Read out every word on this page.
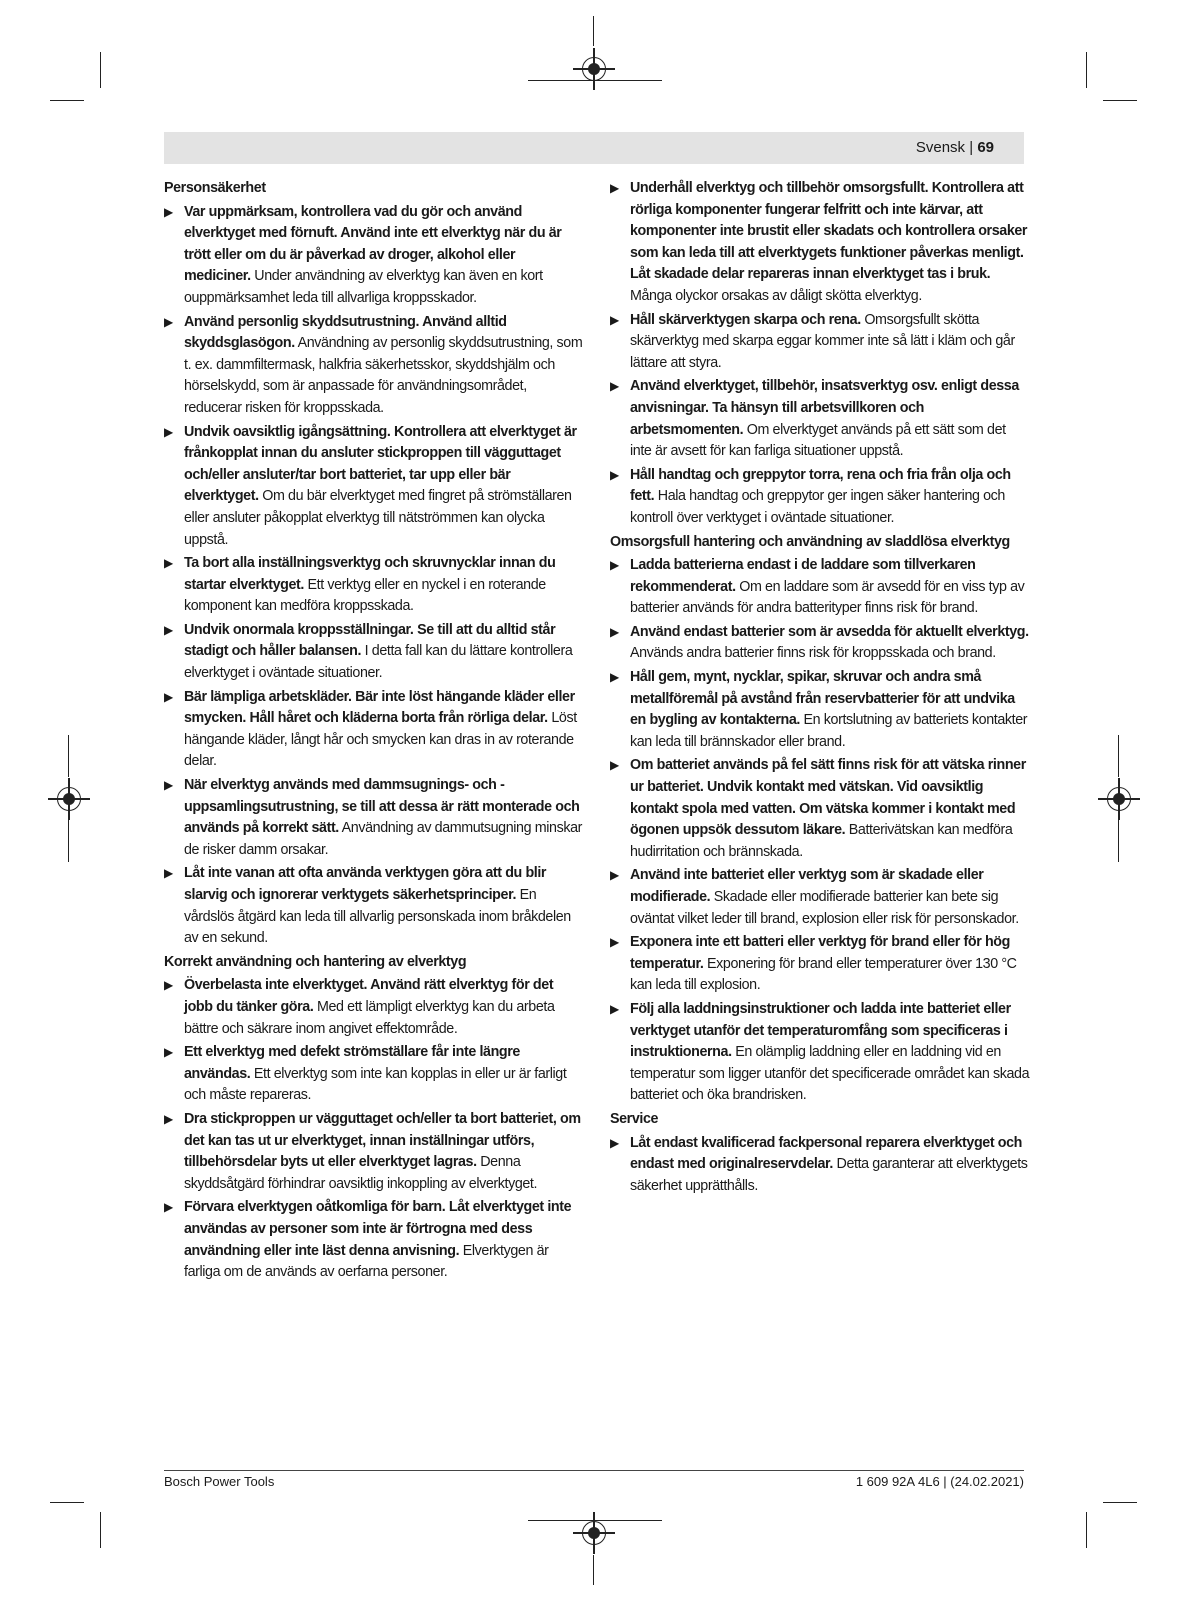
Svensk | 69
Personsäkerhet
▶ Var uppmärksam, kontrollera vad du gör och använd elverktyget med förnuft. Använd inte ett elverktyg när du är trött eller om du är påverkad av droger, alkohol eller mediciner. Under användning av elverktyg kan även en kort ouppmärksamhet leda till allvarliga kroppsskador.
▶ Använd personlig skyddsutrustning. Använd alltid skyddsglasögon. Användning av personlig skyddsutrustning, som t. ex. dammfiltermask, halkfria säkerhetsskor, skyddshjälm och hörselskydd, som är anpassade för användningsområdet, reducerar risken för kroppsskada.
▶ Undvik oavsiktlig igångsättning. Kontrollera att elverktyget är frånkopplat innan du ansluter stickproppen till vägguttaget och/eller ansluter/tar bort batteriet, tar upp eller bär elverktyget. Om du bär elverktyget med fingret på strömställaren eller ansluter påkopplat elverktyg till nätströmmen kan olycka uppstå.
▶ Ta bort alla inställningsverktyg och skruvnycklar innan du startar elverktyget. Ett verktyg eller en nyckel i en roterande komponent kan medföra kroppsskada.
▶ Undvik onormala kroppsställningar. Se till att du alltid står stadigt och håller balansen. I detta fall kan du lättare kontrollera elverktyget i oväntade situationer.
▶ Bär lämpliga arbetskläder. Bär inte löst hängande kläder eller smycken. Håll håret och kläderna borta från rörliga delar. Löst hängande kläder, långt hår och smycken kan dras in av roterande delar.
▶ När elverktyg används med dammsugnings- och -uppsamlingsutrustning, se till att dessa är rätt monterade och används på korrekt sätt. Användning av dammutsugning minskar de risker damm orsakar.
▶ Låt inte vanan att ofta använda verktygen göra att du blir slarvig och ignorerar verktygets säkerhetsprinciper. En vårdslös åtgärd kan leda till allvarlig personskada inom bråkdelen av en sekund.
Korrekt användning och hantering av elverktyg
▶ Överbelasta inte elverktyget. Använd rätt elverktyg för det jobb du tänker göra. Med ett lämpligt elverktyg kan du arbeta bättre och säkrare inom angivet effektområde.
▶ Ett elverktyg med defekt strömställare får inte längre användas. Ett elverktyg som inte kan kopplas in eller ur är farligt och måste repareras.
▶ Dra stickproppen ur vägguttaget och/eller ta bort batteriet, om det kan tas ut ur elverktyget, innan inställningar utförs, tillbehörsdelar byts ut eller elverktyget lagras. Denna skyddsåtgärd förhindrar oavsiktlig inkoppling av elverktyget.
▶ Förvara elverktygen oåtkomliga för barn. Låt elverktyget inte användas av personer som inte är förtrogna med dess användning eller inte läst denna anvisning. Elverktygen är farliga om de används av oerfarna personer.
▶ Underhåll elverktyg och tillbehör omsorgsfullt. Kontrollera att rörliga komponenter fungerar felfritt och inte kärvar, att komponenter inte brustit eller skadats och kontrollera orsaker som kan leda till att elverktygets funktioner påverkas menligt. Låt skadade delar repareras innan elverktyget tas i bruk. Många olyckor orsakas av dåligt skötta elverktyg.
▶ Håll skärverktygen skarpa och rena. Omsorgsfullt skötta skärverktyg med skarpa eggar kommer inte så lätt i kläm och går lättare att styra.
▶ Använd elverktyget, tillbehör, insatsverktyg osv. enligt dessa anvisningar. Ta hänsyn till arbetsvillkoren och arbetsmomenten. Om elverktyget används på ett sätt som det inte är avsett för kan farliga situationer uppstå.
▶ Håll handtag och greppytor torra, rena och fria från olja och fett. Hala handtag och greppytor ger ingen säker hantering och kontroll över verktyget i oväntade situationer.
Omsorgsfull hantering och användning av sladdlösa elverktyg
▶ Ladda batterierna endast i de laddare som tillverkaren rekommenderat. Om en laddare som är avsedd för en viss typ av batterier används för andra batterityper finns risk för brand.
▶ Använd endast batterier som är avsedda för aktuellt elverktyg. Används andra batterier finns risk för kroppsskada och brand.
▶ Håll gem, mynt, nycklar, spikar, skruvar och andra små metallföremål på avstånd från reservbatterier för att undvika en bygling av kontakterna. En kortslutning av batteriets kontakter kan leda till brännskador eller brand.
▶ Om batteriet används på fel sätt finns risk för att vätska rinner ur batteriet. Undvik kontakt med vätskan. Vid oavsiktlig kontakt spola med vatten. Om vätska kommer i kontakt med ögonen uppsök dessutom läkare. Batterivätskan kan medföra hudirritation och brännskada.
▶ Använd inte batteriet eller verktyg som är skadade eller modifierade. Skadade eller modifierade batterier kan bete sig oväntat vilket leder till brand, explosion eller risk för personskador.
▶ Exponera inte ett batteri eller verktyg för brand eller för hög temperatur. Exponering för brand eller temperaturer över 130 °C kan leda till explosion.
▶ Följ alla laddningsinstruktioner och ladda inte batteriet eller verktyget utanför det temperaturomfång som specificeras i instruktionerna. En olämplig laddning eller en laddning vid en temperatur som ligger utanför det specificerade området kan skada batteriet och öka brandrisken.
Service
▶ Låt endast kvalificerad fackpersonal reparera elverktyget och endast med originalreservdelar. Detta garanterar att elverktygets säkerhet upprätthålls.
Bosch Power Tools	1 609 92A 4L6 | (24.02.2021)
